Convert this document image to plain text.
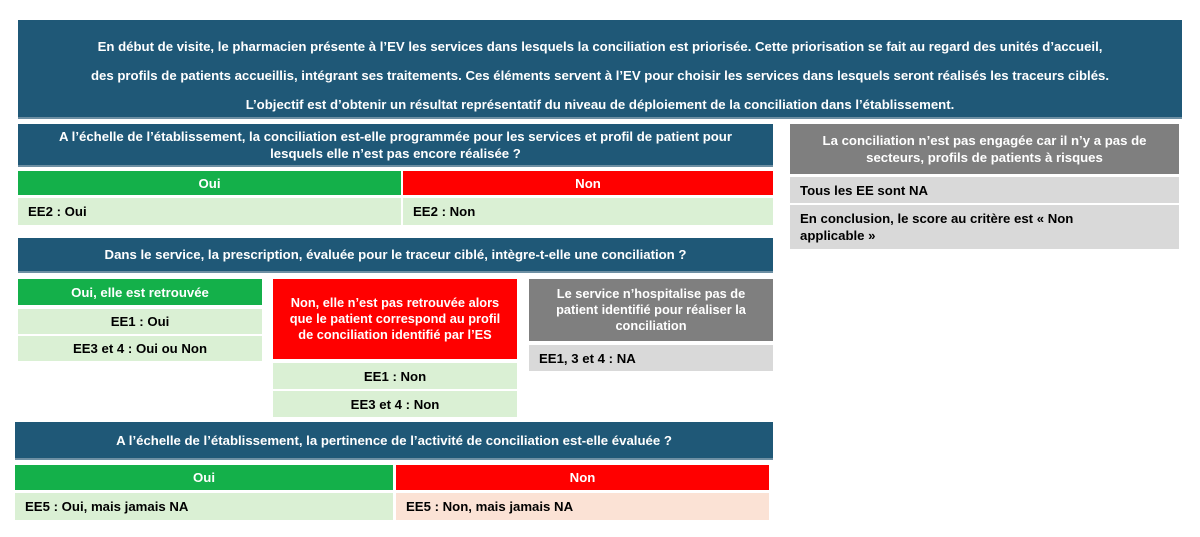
En début de visite, le pharmacien présente à l’EV les services dans lesquels la conciliation est priorisée. Cette priorisation se fait au regard des unités d’accueil,

des profils de patients accueillis, intégrant ses traitements. Ces éléments servent à l’EV pour choisir les services dans lesquels seront réalisés les traceurs ciblés.

L’objectif est d’obtenir un résultat représentatif du niveau de déploiement de la conciliation dans l’établissement.

A l’échelle de l’établissement, la conciliation est-elle programmée pour les services et profil de patient pour lesquels elle n’est pas encore réalisée ?
Oui	Non
EE2 : Oui	EE2 : Non
La conciliation n’est pas engagée car il n’y a pas de secteurs, profils de patients à risques
Tous les EE sont NA
En conclusion, le score au critère est « Non applicable »
Dans le service, la prescription, évaluée pour le traceur ciblé, intègre-t-elle une conciliation ?
Oui, elle est retrouvée
EE1 : Oui
EE3 et 4 : Oui ou Non
Non, elle n’est pas retrouvée alors que le patient correspond au profil de conciliation identifié par l’ES
EE1 : Non
EE3 et 4 : Non
Le service n’hospitalise pas de patient identifié pour réaliser la conciliation
EE1, 3 et 4 : NA
A l’échelle de l’établissement, la pertinence de l’activité de conciliation est-elle évaluée ?
Oui	Non
EE5 : Oui, mais jamais NA	EE5 : Non, mais jamais NA
